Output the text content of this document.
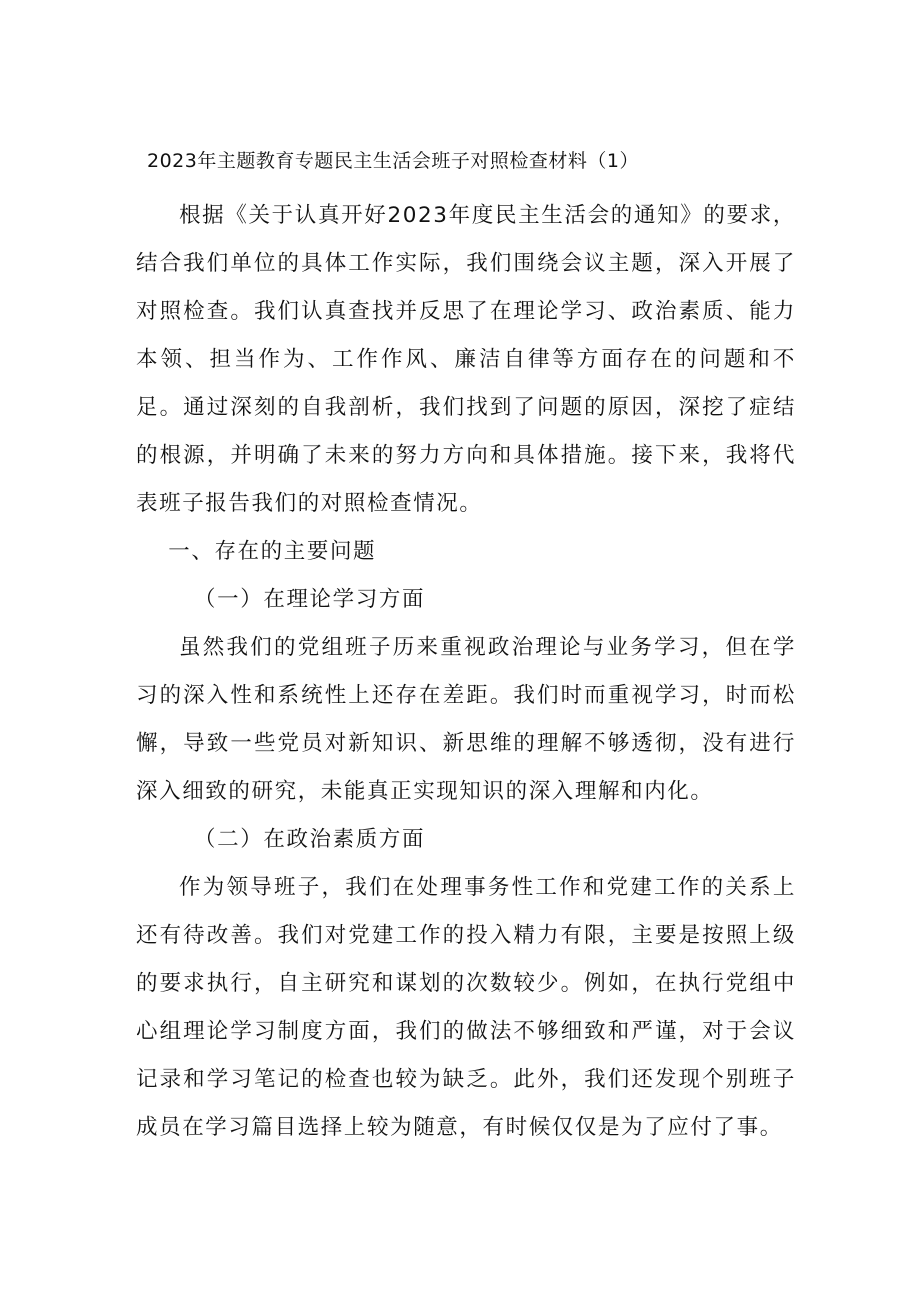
2023年主题教育专题民主生活会班子对照检查材料（1）

根据《关于认真开好2023年度民主生活会的通知》的要求，结合我们单位的具体工作实际，我们围绕会议主题，深入开展了对照检查。我们认真查找并反思了在理论学习、政治素质、能力本领、担当作为、工作作风、廉洁自律等方面存在的问题和不足。通过深刻的自我剖析，我们找到了问题的原因，深挖了症结的根源，并明确了未来的努力方向和具体措施。接下来，我将代表班子报告我们的对照检查情况。

一、存在的主要问题

（一）在理论学习方面

虽然我们的党组班子历来重视政治理论与业务学习，但在学习的深入性和系统性上还存在差距。我们时而重视学习，时而松懈，导致一些党员对新知识、新思维的理解不够透彻，没有进行深入细致的研究，未能真正实现知识的深入理解和内化。

（二）在政治素质方面

作为领导班子，我们在处理事务性工作和党建工作的关系上还有待改善。我们对党建工作的投入精力有限，主要是按照上级的要求执行，自主研究和谋划的次数较少。例如，在执行党组中心组理论学习制度方面，我们的做法不够细致和严谨，对于会议记录和学习笔记的检查也较为缺乏。此外，我们还发现个别班子成员在学习篇目选择上较为随意，有时候仅仅是为了应付了事。
